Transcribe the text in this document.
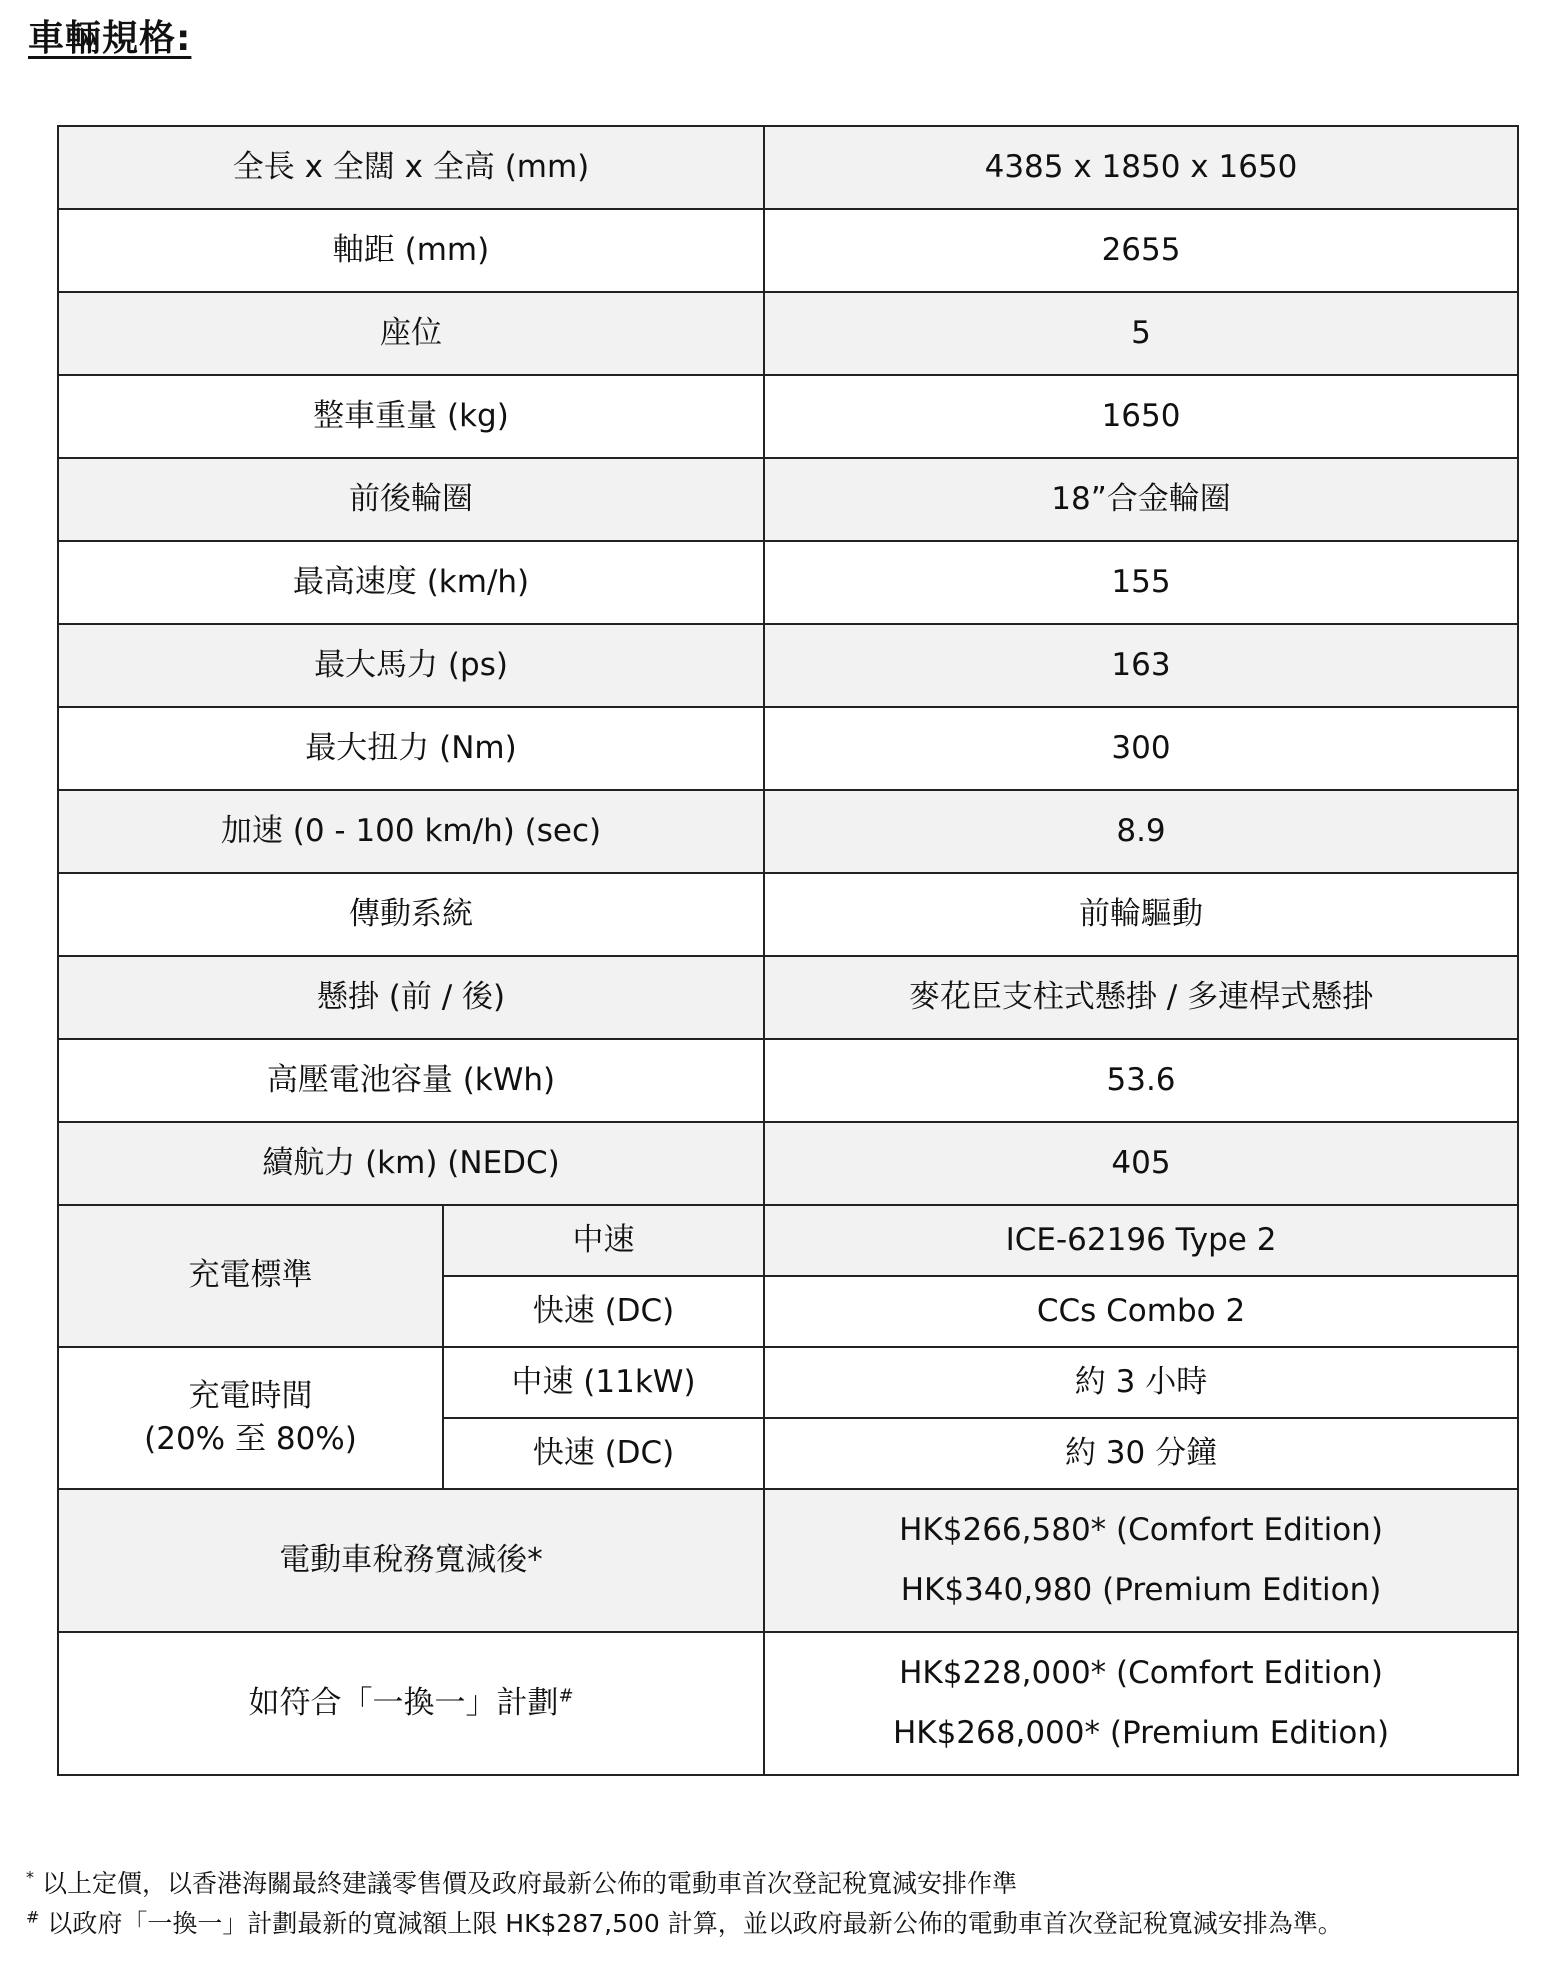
車輛規格:
全長 x 全闊 x 全高 (mm)		4385 x 1850 x 1650
軸距 (mm)		2655
座位		5
整車重量 (kg)		1650
前後輪圈		18”合金輪圈
最高速度 (km/h)		155
最大馬力 (ps)		163
最大扭力 (Nm)		300
加速 (0 - 100 km/h) (sec)		8.9
傳動系統		前輪驅動
懸掛 (前 / 後)		麥花臣支柱式懸掛 / 多連桿式懸掛
高壓電池容量 (kWh)		53.6
續航力 (km) (NEDC)		405
充電標準	中速	ICE-62196 Type 2
	快速 (DC)	CCs Combo 2

充電時間
(20% 至 80%)	中速 (11kW)	約 3 小時
	快速 (DC)	約 30 分鐘
電動車稅務寬減後*		HK$266,580* (Comfort Edition)
HK$340,980 (Premium Edition)

如符合「一換一」計劃#		HK$228,000* (Comfort Edition)
HK$268,000* (Premium Edition)
* 以上定價，以香港海關最終建議零售價及政府最新公佈的電動車首次登記稅寬減安排作準
# 以政府「一換一」計劃最新的寬減額上限 HK$287,500 計算，並以政府最新公佈的電動車首次登記稅寬減安排為準。
